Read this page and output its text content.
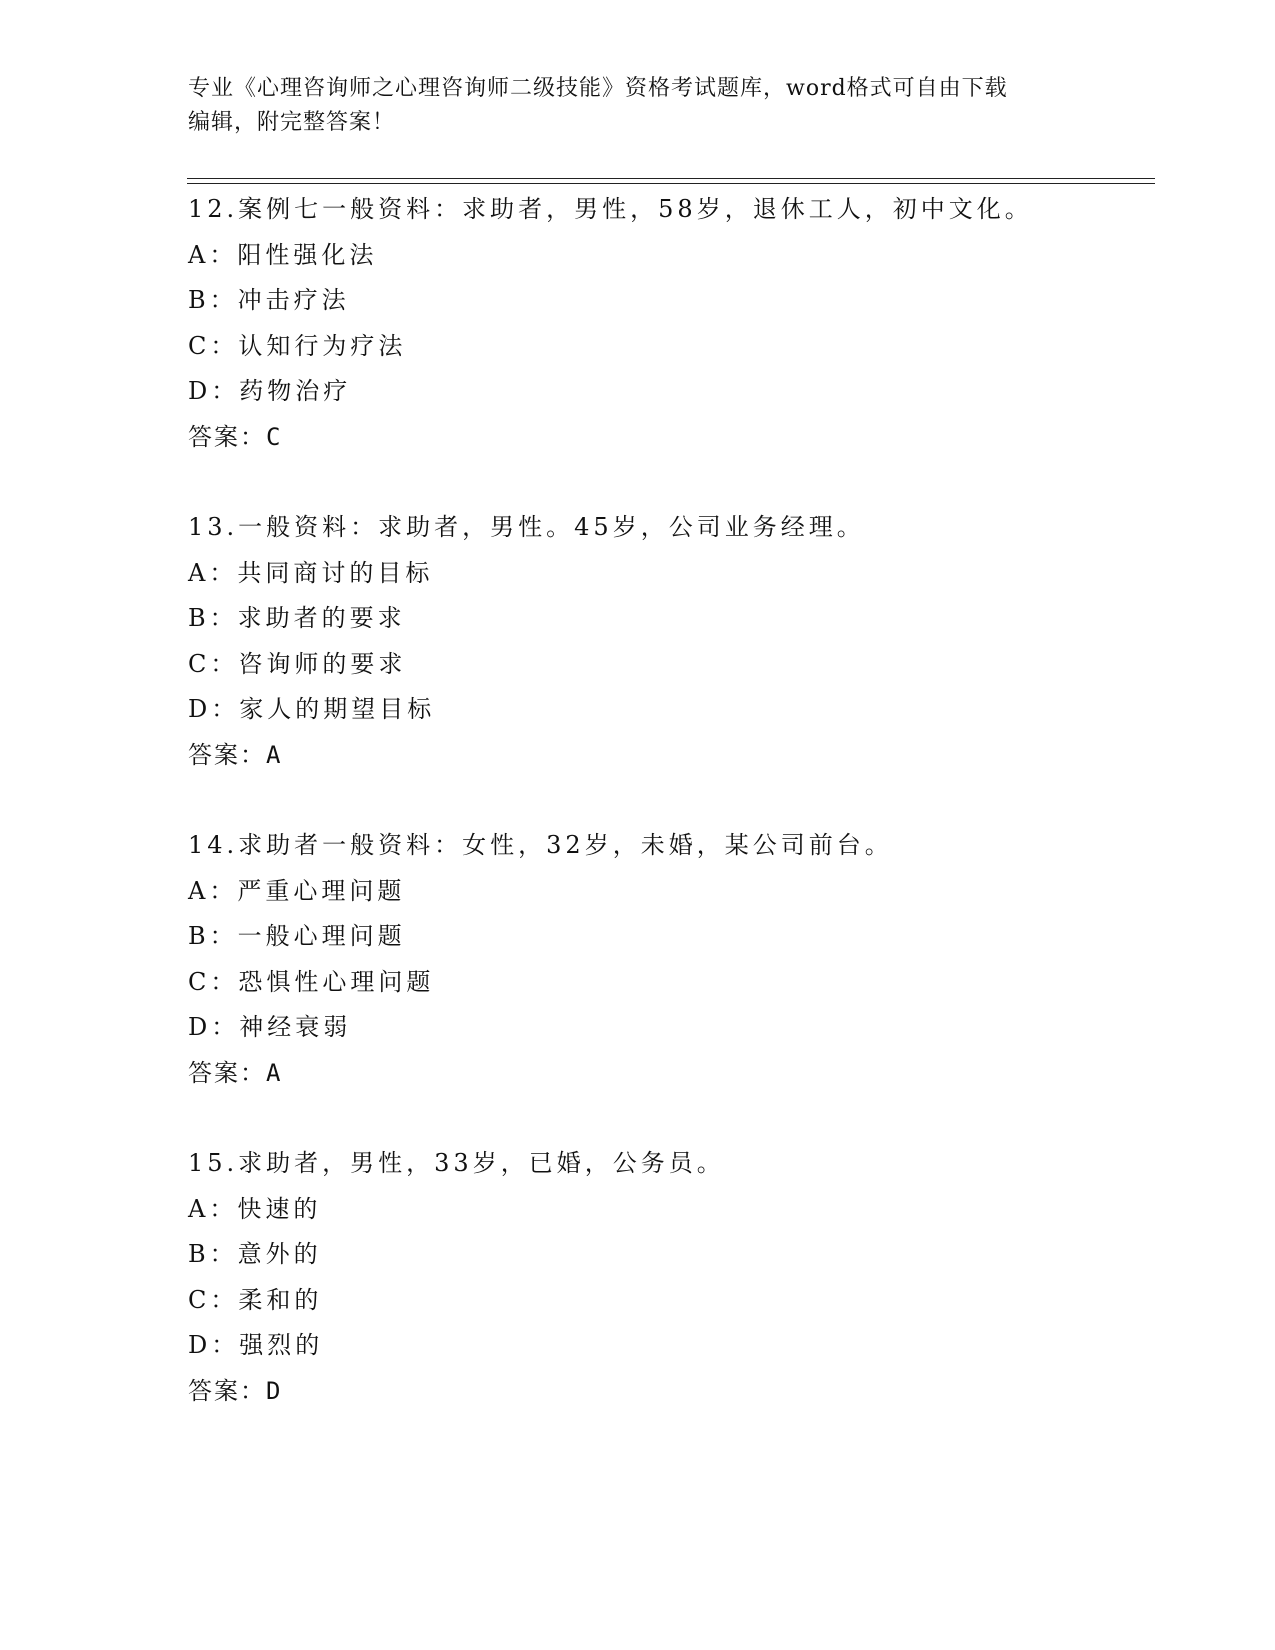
专业《心理咨询师之心理咨询师二级技能》资格考试题库，word格式可自由下载
编辑，附完整答案！
12.案例七一般资料：求助者，男性，58岁，退休工人，初中文化。
A：阳性强化法
B：冲击疗法
C：认知行为疗法
D：药物治疗
答案：C
13.一般资料：求助者，男性。45岁，公司业务经理。
A：共同商讨的目标
B：求助者的要求
C：咨询师的要求
D：家人的期望目标
答案：A
14.求助者一般资料：女性，32岁，未婚，某公司前台。
A：严重心理问题
B：一般心理问题
C：恐惧性心理问题
D：神经衰弱
答案：A
15.求助者，男性，33岁，已婚，公务员。
A：快速的
B：意外的
C：柔和的
D：强烈的
答案：D
